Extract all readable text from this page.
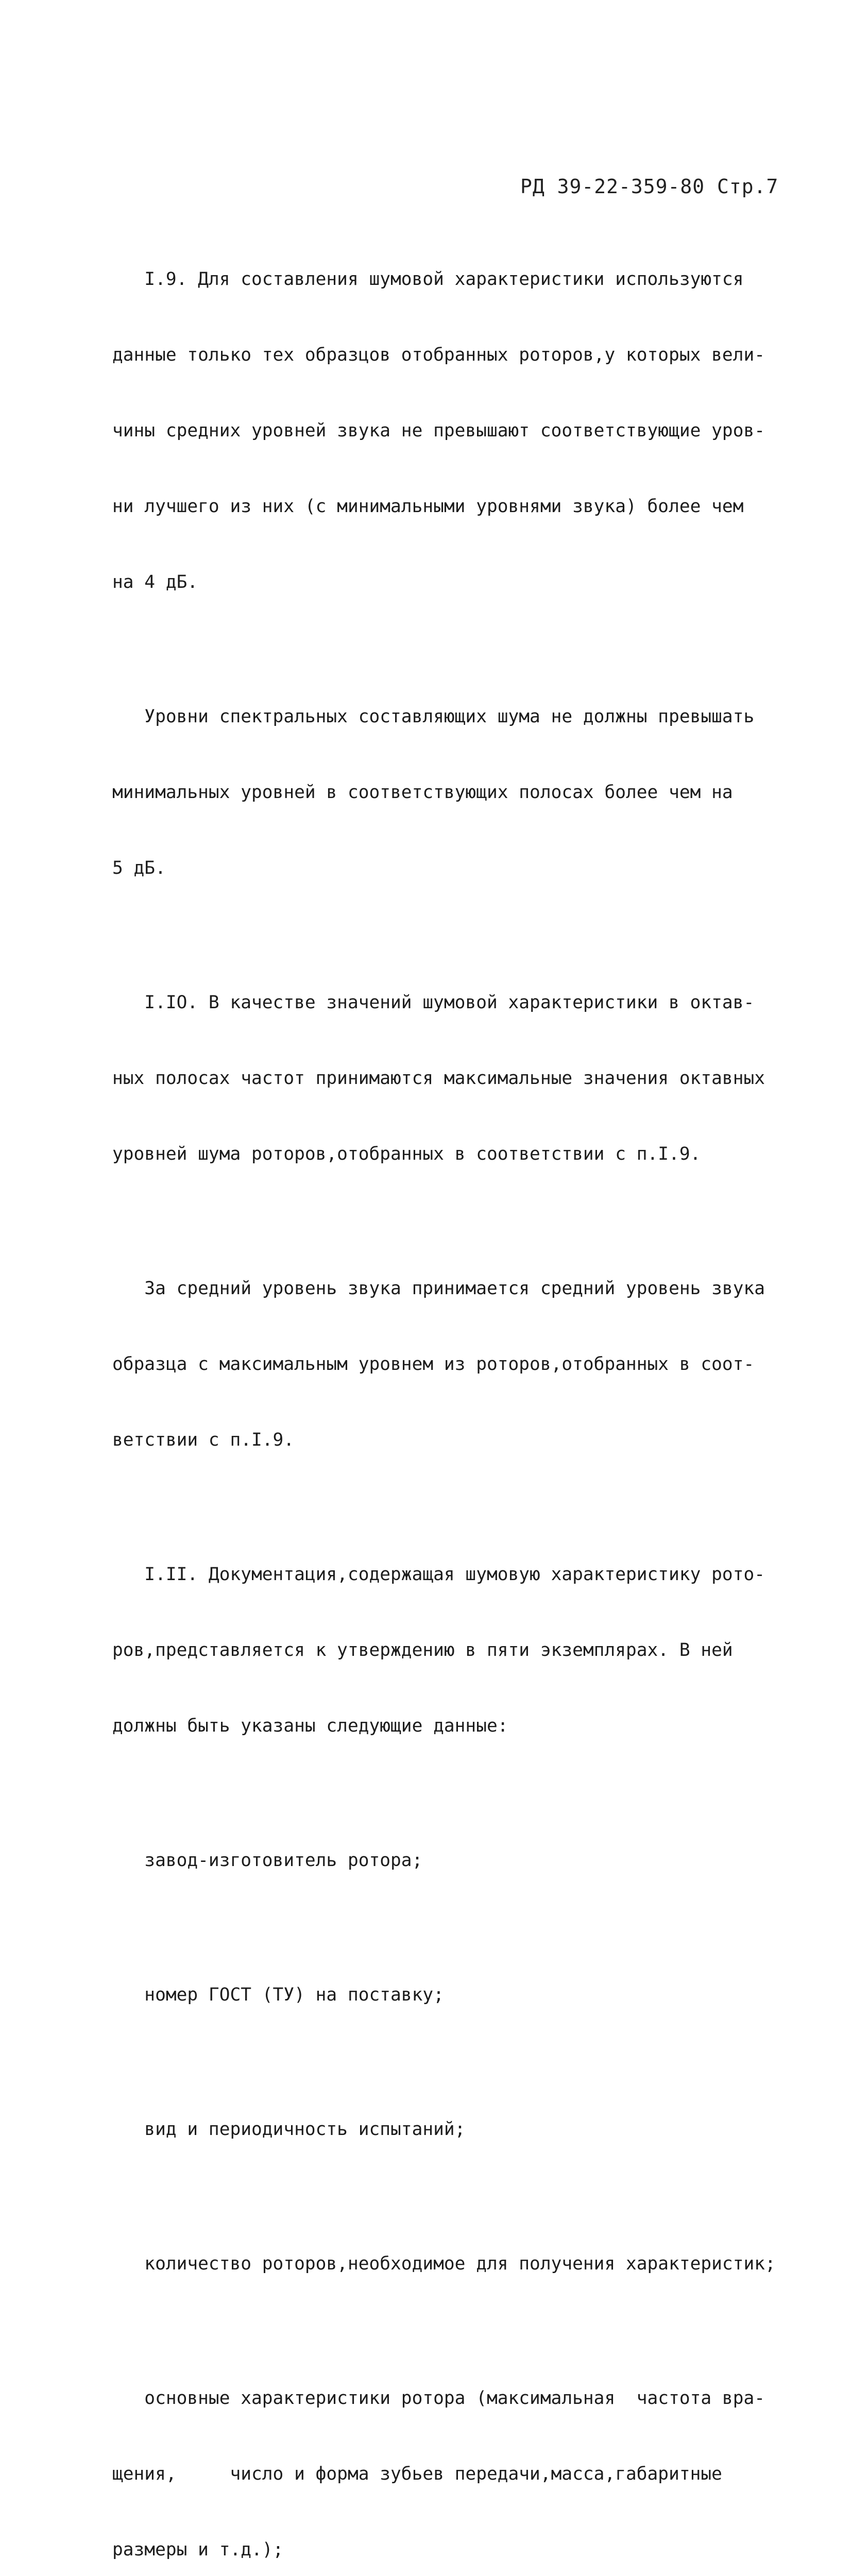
РД 39-22-359-80 Стр.7

I.9. Для составления шумовой характеристики используются

данные только тех образцов отобранных роторов,у которых вели-

чины средних уровней звука не превышают соответствующие уров-

ни лучшего из них (с минимальными уровнями звука) более чем

на 4 дБ.

Уровни спектральных составляющих шума не должны превышать

минимальных уровней в соответствующих полосах более чем на

5 дБ.

I.IO. В качестве значений шумовой характеристики в октав-

ных полосах частот принимаются максимальные значения октавных

уровней шума роторов,отобранных в соответствии с п.I.9.

За средний уровень звука принимается средний уровень звука

образца с максимальным уровнем из роторов,отобранных в соот-

ветствии с п.I.9.

I.II. Документация,содержащая шумовую характеристику рото-

ров,представляется к утверждению в пяти экземплярах. В ней

должны быть указаны следующие данные:

завод-изготовитель ротора;

номер ГОСТ (ТУ) на поставку;

вид и периодичность испытаний;

количество роторов,необходимое для получения характеристик;

основные характеристики ротора (максимальная  частота вра-

щения,     число и форма зубьев передачи,масса,габаритные

размеры и т.д.);
